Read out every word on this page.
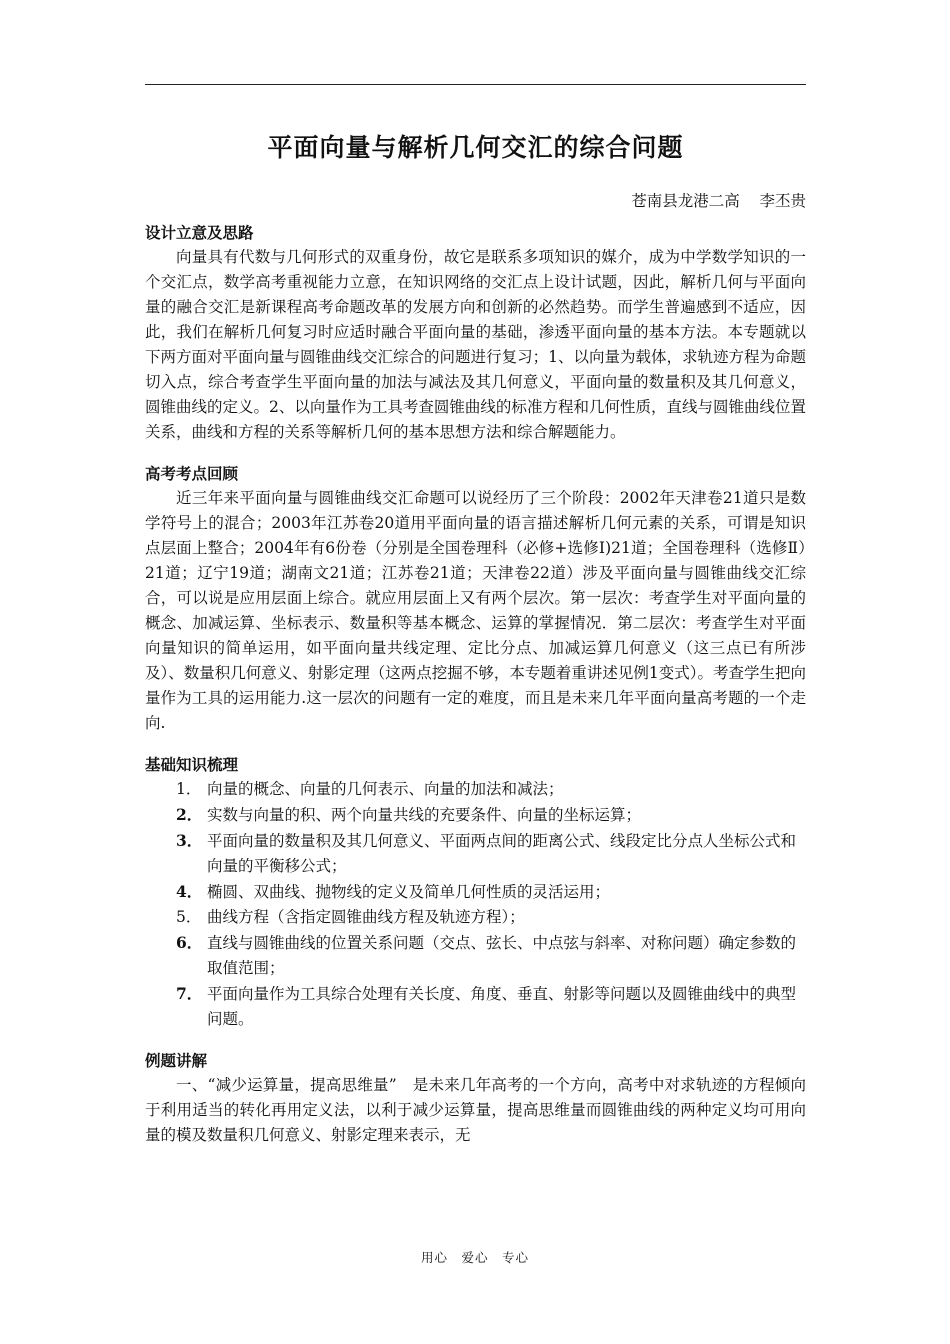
平面向量与解析几何交汇的综合问题
苍南县龙港二高    李丕贵
设计立意及思路

向量具有代数与几何形式的双重身份，故它是联系多项知识的媒介，成为中学数学知识的一个交汇点，数学高考重视能力立意，在知识网络的交汇点上设计试题，因此，解析几何与平面向量的融合交汇是新课程高考命题改革的发展方向和创新的必然趋势。而学生普遍感到不适应，因此，我们在解析几何复习时应适时融合平面向量的基础，渗透平面向量的基本方法。本专题就以下两方面对平面向量与圆锥曲线交汇综合的问题进行复习；1、以向量为载体，求轨迹方程为命题切入点，综合考查学生平面向量的加法与减法及其几何意义，平面向量的数量积及其几何意义，圆锥曲线的定义。2、以向量作为工具考查圆锥曲线的标准方程和几何性质，直线与圆锥曲线位置关系，曲线和方程的关系等解析几何的基本思想方法和综合解题能力。

高考考点回顾

近三年来平面向量与圆锥曲线交汇命题可以说经历了三个阶段：2002年天津卷21道只是数学符号上的混合；2003年江苏卷20道用平面向量的语言描述解析几何元素的关系，可谓是知识点层面上整合；2004年有6份卷（分别是全国卷理科（必修+选修Ⅰ)21道；全国卷理科（选修Ⅱ）21道；辽宁19道；湖南文21道；江苏卷21道；天津卷22道）涉及平面向量与圆锥曲线交汇综合，可以说是应用层面上综合。就应用层面上又有两个层次。第一层次：考查学生对平面向量的概念、加减运算、坐标表示、数量积等基本概念、运算的掌握情况．第二层次：考查学生对平面向量知识的简单运用，如平面向量共线定理、定比分点、加减运算几何意义（这三点已有所涉及）、数量积几何意义、射影定理（这两点挖掘不够，本专题着重讲述见例1变式）。考查学生把向量作为工具的运用能力.这一层次的问题有一定的难度，而且是未来几年平面向量高考题的一个走向.

基础知识梳理
1． 向量的概念、向量的几何表示、向量的加法和减法；
2． 实数与向量的积、两个向量共线的充要条件、向量的坐标运算；
3． 平面向量的数量积及其几何意义、平面两点间的距离公式、线段定比分点人坐标公式和向量的平衡移公式；
4． 椭圆、双曲线、抛物线的定义及简单几何性质的灵活运用；
5． 曲线方程（含指定圆锥曲线方程及轨迹方程）；
6． 直线与圆锥曲线的位置关系问题（交点、弦长、中点弦与斜率、对称问题）确定参数的取值范围；
7． 平面向量作为工具综合处理有关长度、角度、垂直、射影等问题以及圆锥曲线中的典型问题。
例题讲解

一、“减少运算量，提高思维量”　是未来几年高考的一个方向，高考中对求轨迹的方程倾向于利用适当的转化再用定义法，以利于减少运算量，提高思维量而圆锥曲线的两种定义均可用向量的模及数量积几何意义、射影定理来表示，无

用心　爱心　专心
